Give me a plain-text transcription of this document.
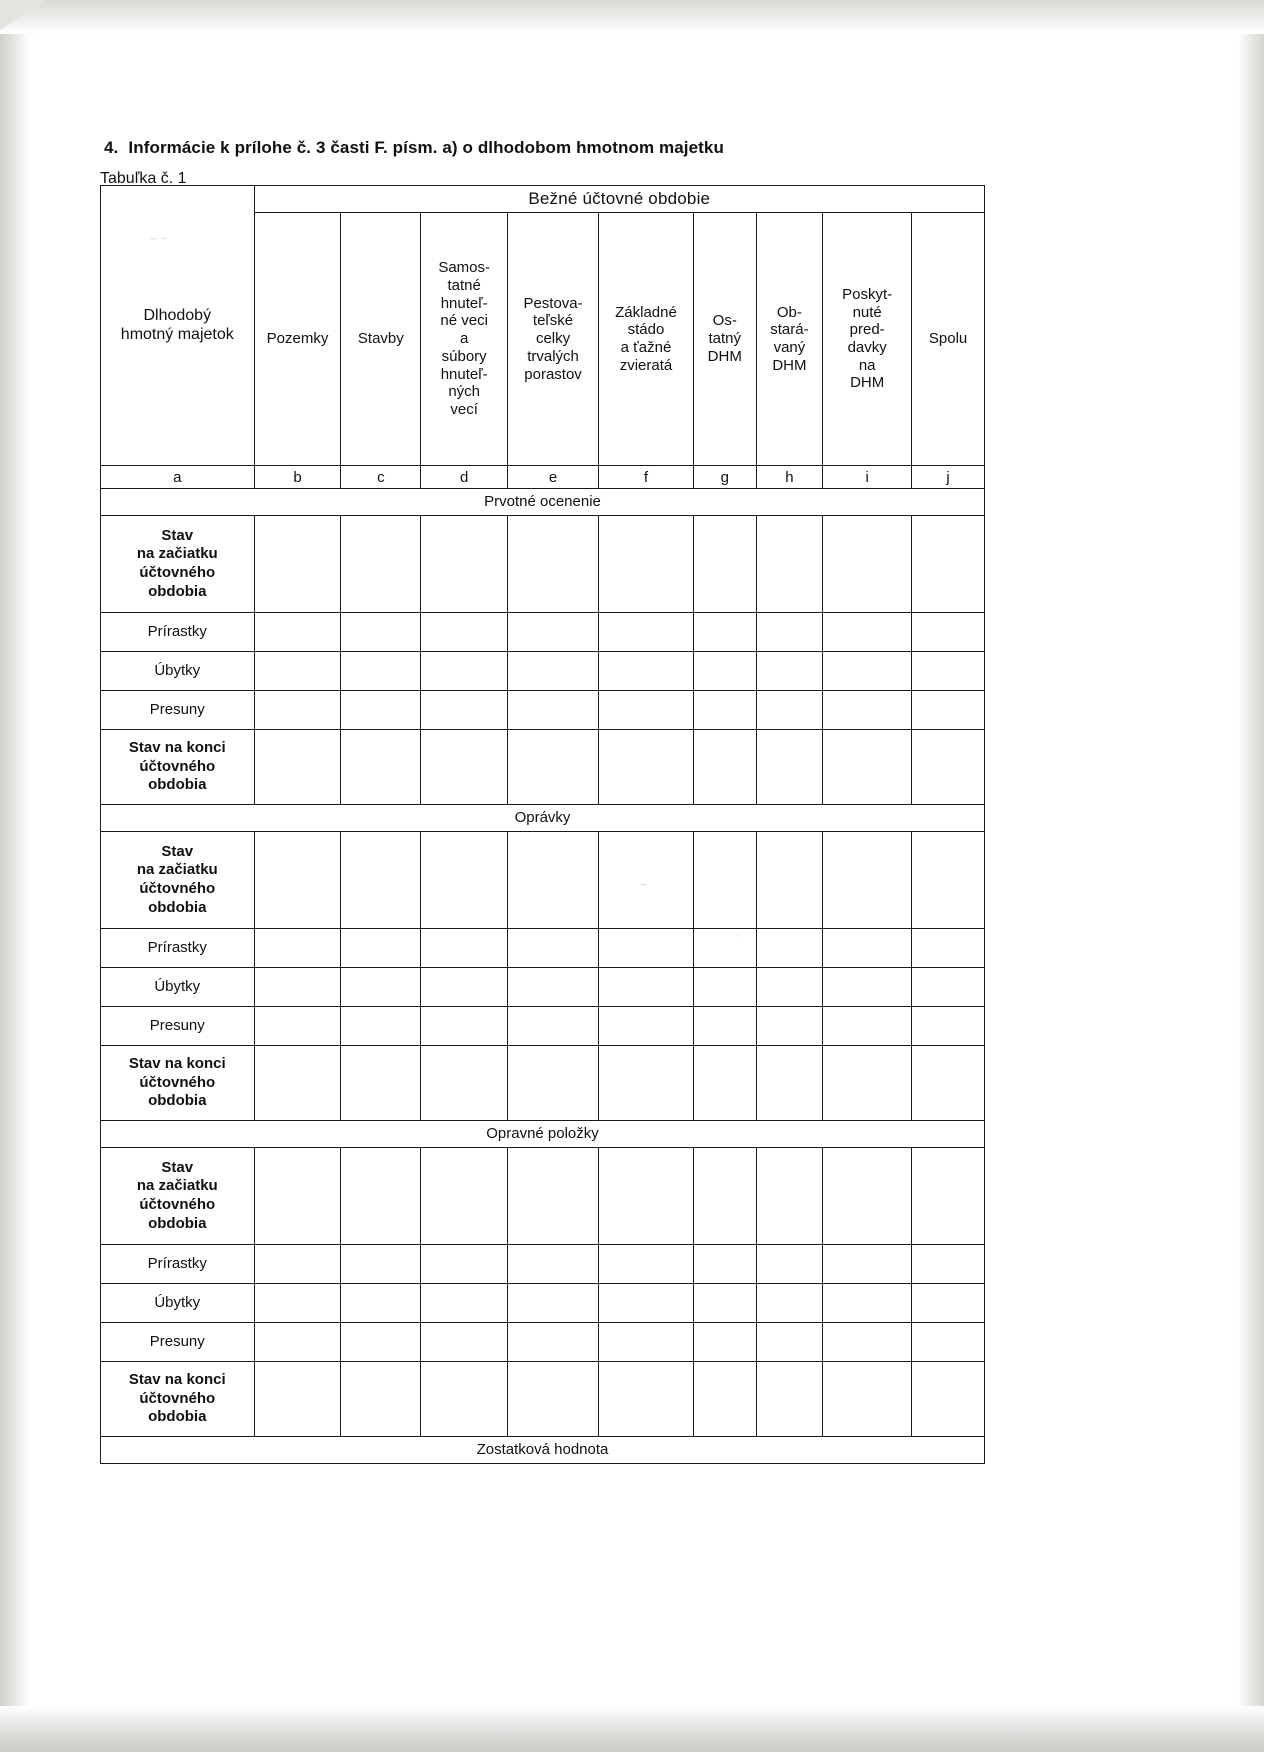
4. Informácie k prílohe č. 3 časti F. písm. a) o dlhodobom hmotnom majetku
Tabuľka č. 1
Dlhodobý
hmotný majetok	Bežné účtovné obdobie								
Pozemky	Stavby	Samos-
tatné
hnuteľ-
né veci
a
súbory
hnuteľ-
ných
vecí	Pestova-
teľské
celky
trvalých
porastov	Základné
stádo
a ťažné
zvieratá	Os-
tatný
DHM	Ob-
stará-
vaný
DHM	Poskyt-
nuté
pred-
davky
na
DHM	Spolu
a	b	c	d	e	f	g	h	i	j
Prvotné ocenenie									
Stav
na začiatku
účtovného
obdobia									
Prírastky									
Úbytky									
Presuny									
Stav na konci
účtovného
obdobia									
Oprávky									
Stav
na začiatku
účtovného
obdobia									
Prírastky									
Úbytky									
Presuny									
Stav na konci
účtovného
obdobia									
Opravné položky									
Stav
na začiatku
účtovného
obdobia									
Prírastky									
Úbytky									
Presuny									
Stav na konci
účtovného
obdobia									
Zostatková hodnota									
~ ~
~
·
